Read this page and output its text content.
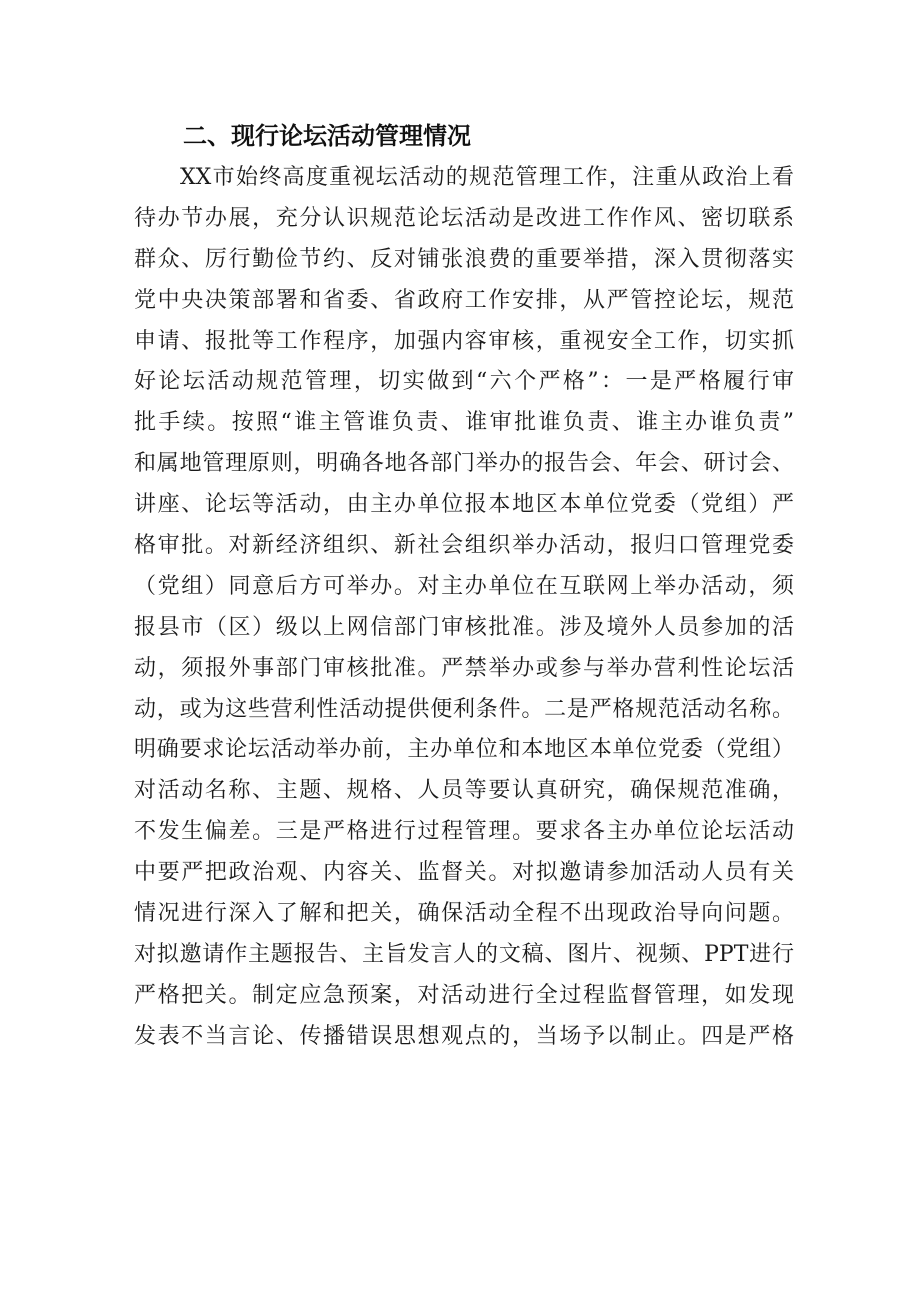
二、现行论坛活动管理情况
XX市始终高度重视坛活动的规范管理工作，注重从政治上看
待办节办展，充分认识规范论坛活动是改进工作作风、密切联系
群众、厉行勤俭节约、反对铺张浪费的重要举措，深入贯彻落实
党中央决策部署和省委、省政府工作安排，从严管控论坛，规范
申请、报批等工作程序，加强内容审核，重视安全工作，切实抓
好论坛活动规范管理，切实做到“六个严格”：一是严格履行审
批手续。按照“谁主管谁负责、谁审批谁负责、谁主办谁负责”
和属地管理原则，明确各地各部门举办的报告会、年会、研讨会、
讲座、论坛等活动，由主办单位报本地区本单位党委（党组）严
格审批。对新经济组织、新社会组织举办活动，报归口管理党委
（党组）同意后方可举办。对主办单位在互联网上举办活动，须
报县市（区）级以上网信部门审核批准。涉及境外人员参加的活
动，须报外事部门审核批准。严禁举办或参与举办营利性论坛活
动，或为这些营利性活动提供便利条件。二是严格规范活动名称。
明确要求论坛活动举办前，主办单位和本地区本单位党委（党组）
对活动名称、主题、规格、人员等要认真研究，确保规范准确，
不发生偏差。三是严格进行过程管理。要求各主办单位论坛活动
中要严把政治观、内容关、监督关。对拟邀请参加活动人员有关
情况进行深入了解和把关，确保活动全程不出现政治导向问题。
对拟邀请作主题报告、主旨发言人的文稿、图片、视频、PPT进行
严格把关。制定应急预案，对活动进行全过程监督管理，如发现
发表不当言论、传播错误思想观点的，当场予以制止。四是严格
